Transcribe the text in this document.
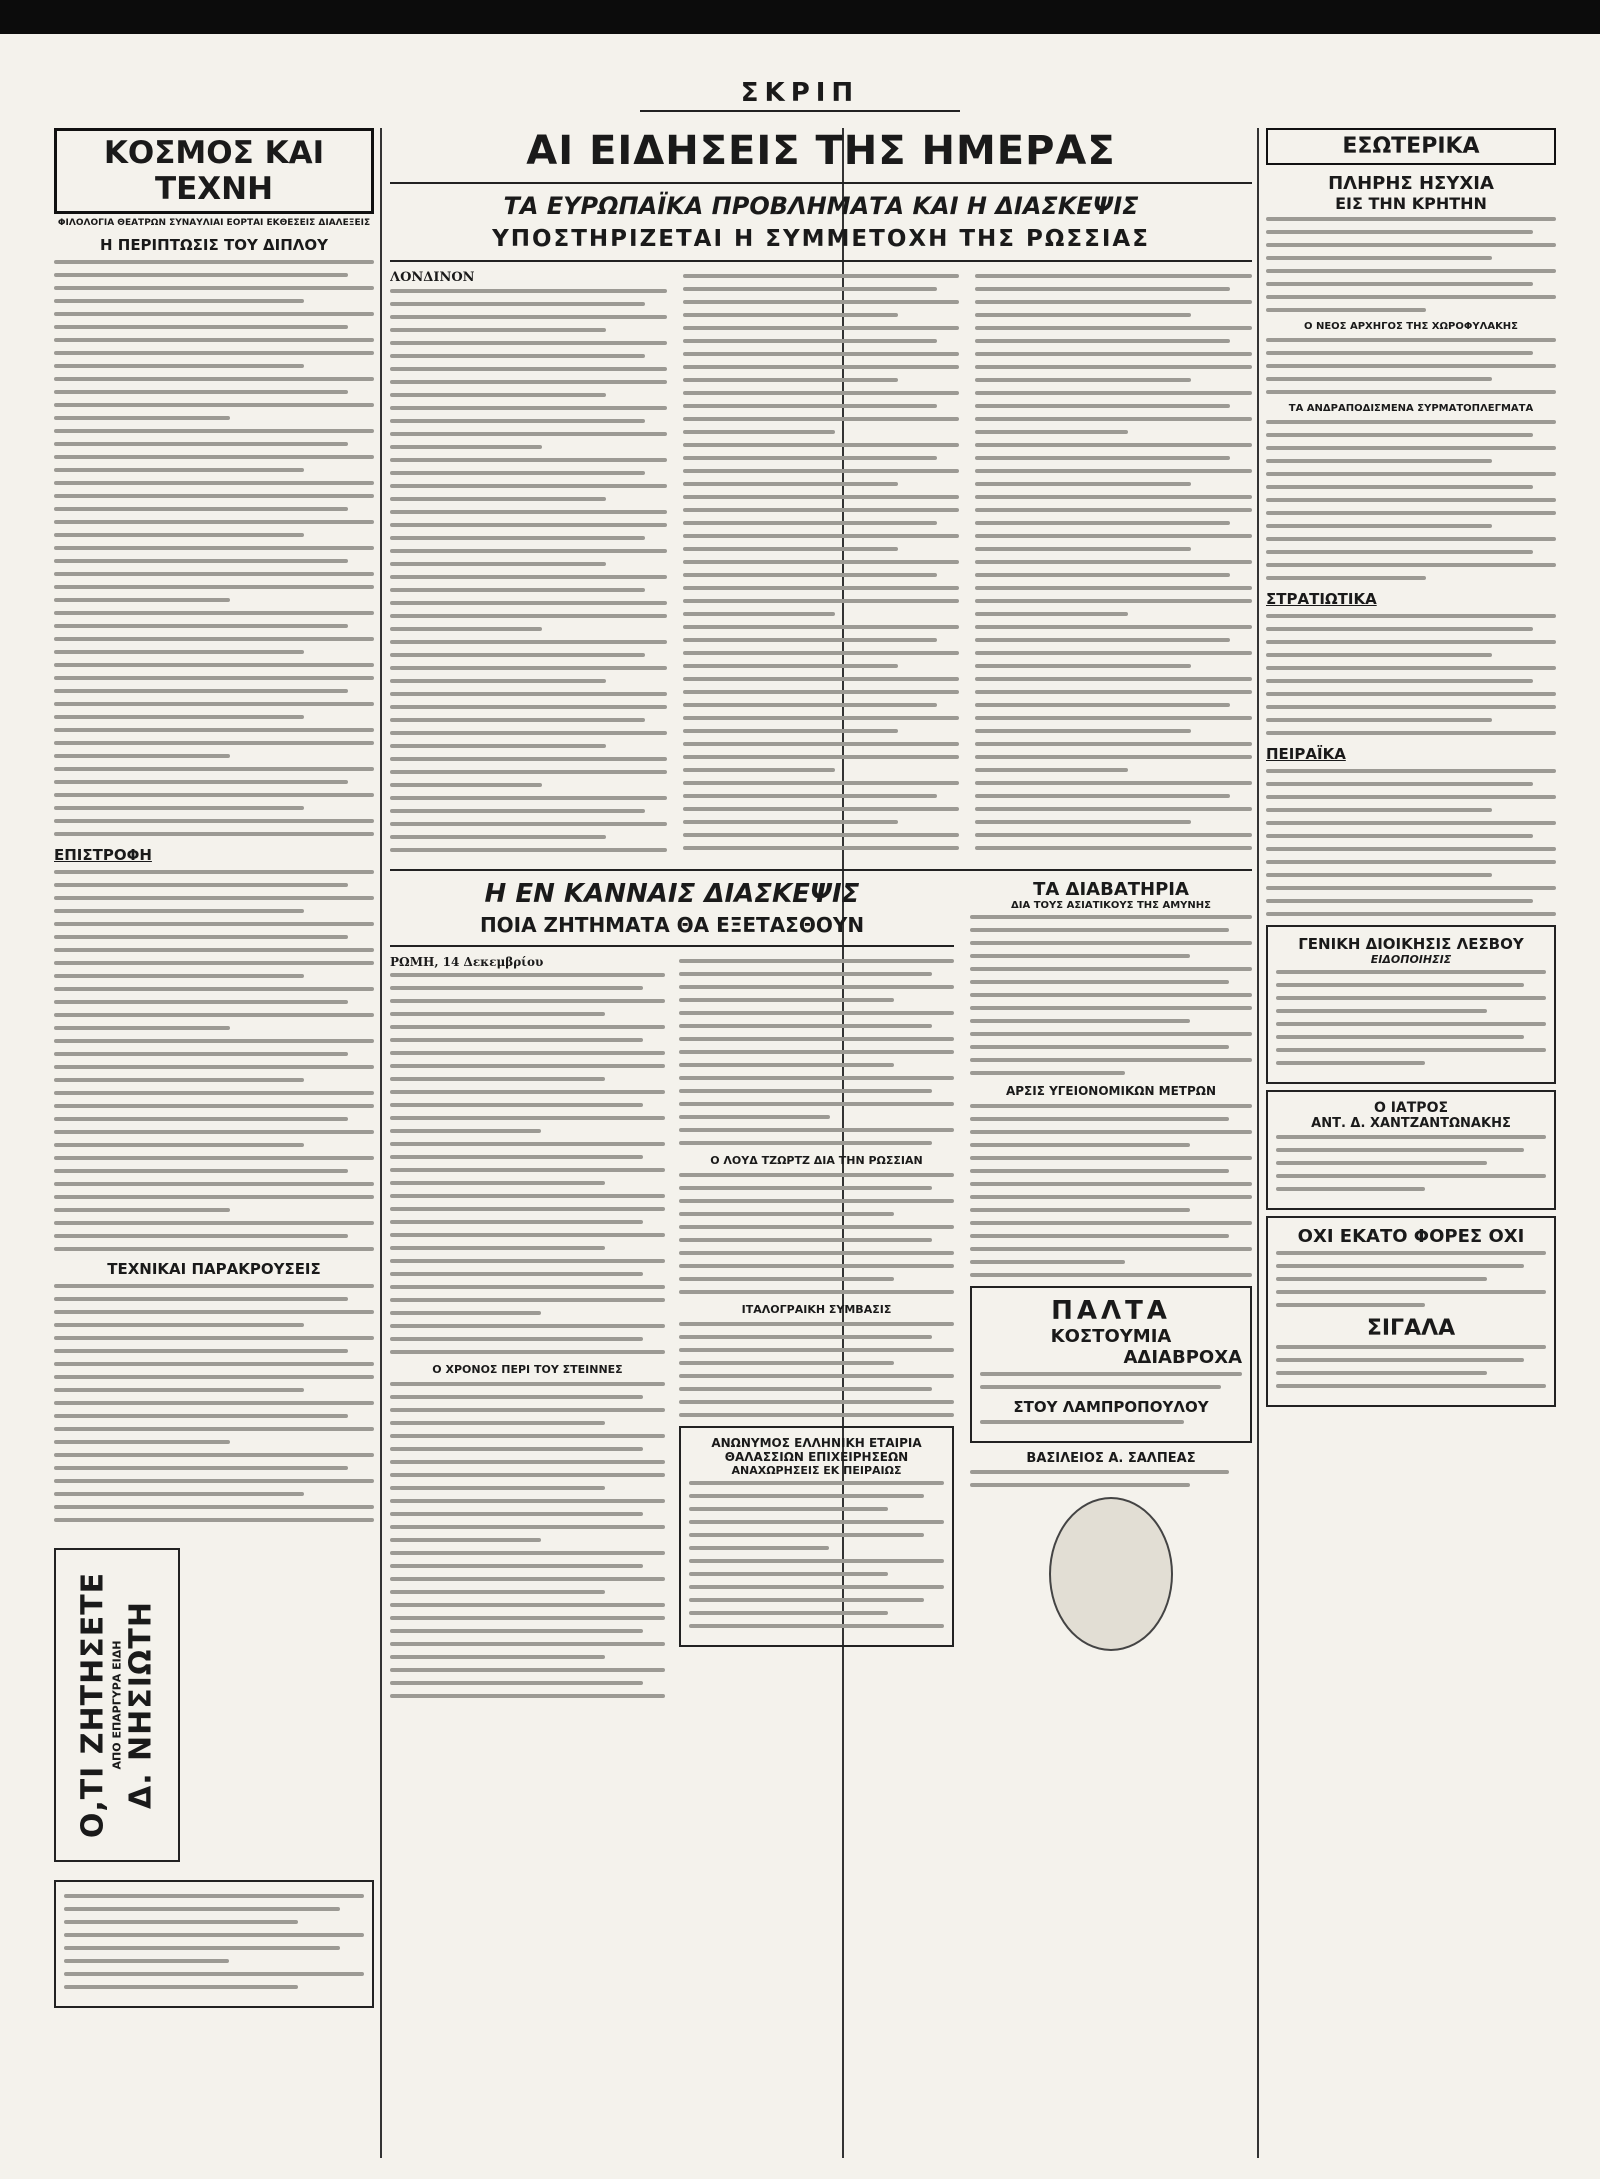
ΣΚΡΙΠ
ΚΟΣΜΟΣ ΚΑΙ ΤΕΧΝΗ
ΦΙΛΟΛΟΓΙΑ ΘΕΑΤΡΩΝ ΣΥΝΑΥΛΙΑΙ ΕΟΡΤΑΙ ΕΚΘΕΣΕΙΣ ΔΙΑΛΕΞΕΙΣ
Η ΠΕΡΙΠΤΩΣΙΣ ΤΟΥ ΔΙΠΛΟΥ
ΕΠΙΣΤΡΟΦΗ
ΤΕΧΝΙΚΑΙ ΠΑΡΑΚΡΟΥΣΕΙΣ
Ο,ΤΙ ΖΗΤΗΣΕΤΕ ΑΠΟ ΕΠΑΡΓΥΡΑ ΕΙΔΗ Δ. ΝΗΣΙΩΤΗ
ΑΙ ΕΙΔΗΣΕΙΣ ΤΗΣ ΗΜΕΡΑΣ
ΤΑ ΕΥΡΩΠΑΪΚΑ ΠΡΟΒΛΗΜΑΤΑ ΚΑΙ Η ΔΙΑΣΚΕΨΙΣ
ΥΠΟΣΤΗΡΙΖΕΤΑΙ Η ΣΥΜΜΕΤΟΧΗ ΤΗΣ ΡΩΣΣΙΑΣ
ΛΟΝΔΙΝΟΝ
Η ΕΝ ΚΑΝΝΑΙΣ ΔΙΑΣΚΕΨΙΣ
ΠΟΙΑ ΖΗΤΗΜΑΤΑ ΘΑ ΕΞΕΤΑΣΘΟΥΝ
ΡΩΜΗ, 14 Δεκεμβρίου
Ο ΧΡΟΝΟΣ ΠΕΡΙ ΤΟΥ ΣΤΕΙΝΝΕΣ
Ο ΛΟΥΔ ΤΖΩΡΤΖ ΔΙΑ ΤΗΝ ΡΩΣΣΙΑΝ
ΙΤΑΛΟΓΡΑΙΚΗ ΣΥΜΒΑΣΙΣ
ΑΝΩΝΥΜΟΣ ΕΛΛΗΝΙΚΗ ΕΤΑΙΡΙΑ
ΘΑΛΑΣΣΙΩΝ ΕΠΙΧΕΙΡΗΣΕΩΝ
ΑΝΑΧΩΡΗΣΕΙΣ ΕΚ ΠΕΙΡΑΙΩΣ
ΤΑ ΔΙΑΒΑΤΗΡΙΑ
ΔΙΑ ΤΟΥΣ ΑΣΙΑΤΙΚΟΥΣ ΤΗΣ ΑΜΥΝΗΣ
ΑΡΣΙΣ ΥΓΕΙΟΝΟΜΙΚΩΝ ΜΕΤΡΩΝ
ΠΑΛΤΑ
ΚΟΣΤΟΥΜΙΑ
ΑΔΙΑΒΡΟΧΑ
ΣΤΟΥ ΛΑΜΠΡΟΠΟΥΛΟΥ
ΒΑΣΙΛΕΙΟΣ Α. ΣΑΛΠΕΑΣ
ΕΣΩΤΕΡΙΚΑ
ΠΛΗΡΗΣ ΗΣΥΧΙΑ
ΕΙΣ ΤΗΝ ΚΡΗΤΗΝ
Ο ΝΕΟΣ ΑΡΧΗΓΟΣ ΤΗΣ ΧΩΡΟΦΥΛΑΚΗΣ
ΤΑ ΑΝΔΡΑΠΟΔΙΣΜΕΝΑ ΣΥΡΜΑΤΟΠΛΕΓΜΑΤΑ
ΣΤΡΑΤΙΩΤΙΚΑ
ΠΕΙΡΑΪΚΑ
ΓΕΝΙΚΗ ΔΙΟΙΚΗΣΙΣ ΛΕΣΒΟΥ
ΕΙΔΟΠΟΙΗΣΙΣ
Ο ΙΑΤΡΟΣ
ΑΝΤ. Δ. ΧΑΝΤΖΑΝΤΩΝΑΚΗΣ
ΟΧΙ ΕΚΑΤΟ ΦΟΡΕΣ ΟΧΙ
ΣΙΓΑΛΑ
